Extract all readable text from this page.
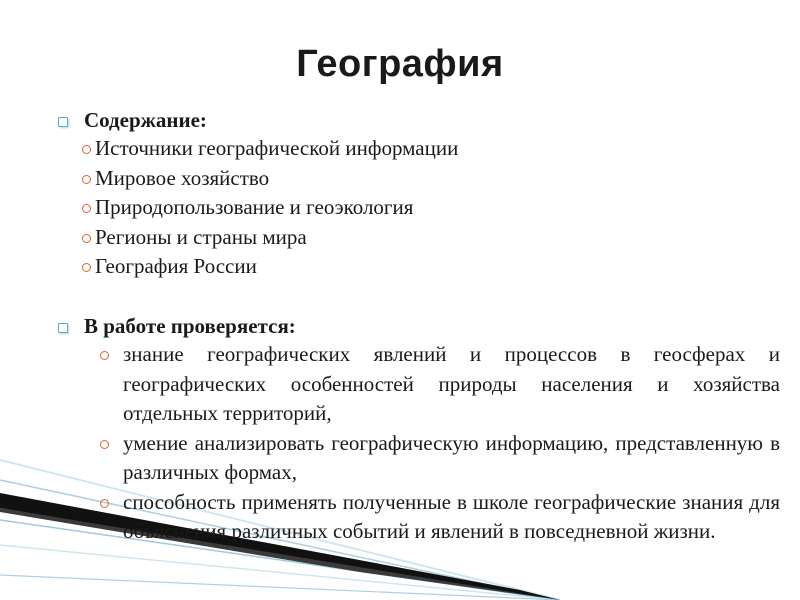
География
Содержание:
Источники географической информации
Мировое хозяйство
Природопользование и геоэкология
Регионы и страны мира
География России
В работе проверяется:
знание географических явлений и процессов в геосферах и географических особенностей природы населения и хозяйства отдельных территорий,
умение анализировать географическую информацию, представленную в различных формах,
способность применять полученные в школе географические знания для объяснения различных событий и явлений в повседневной жизни.
